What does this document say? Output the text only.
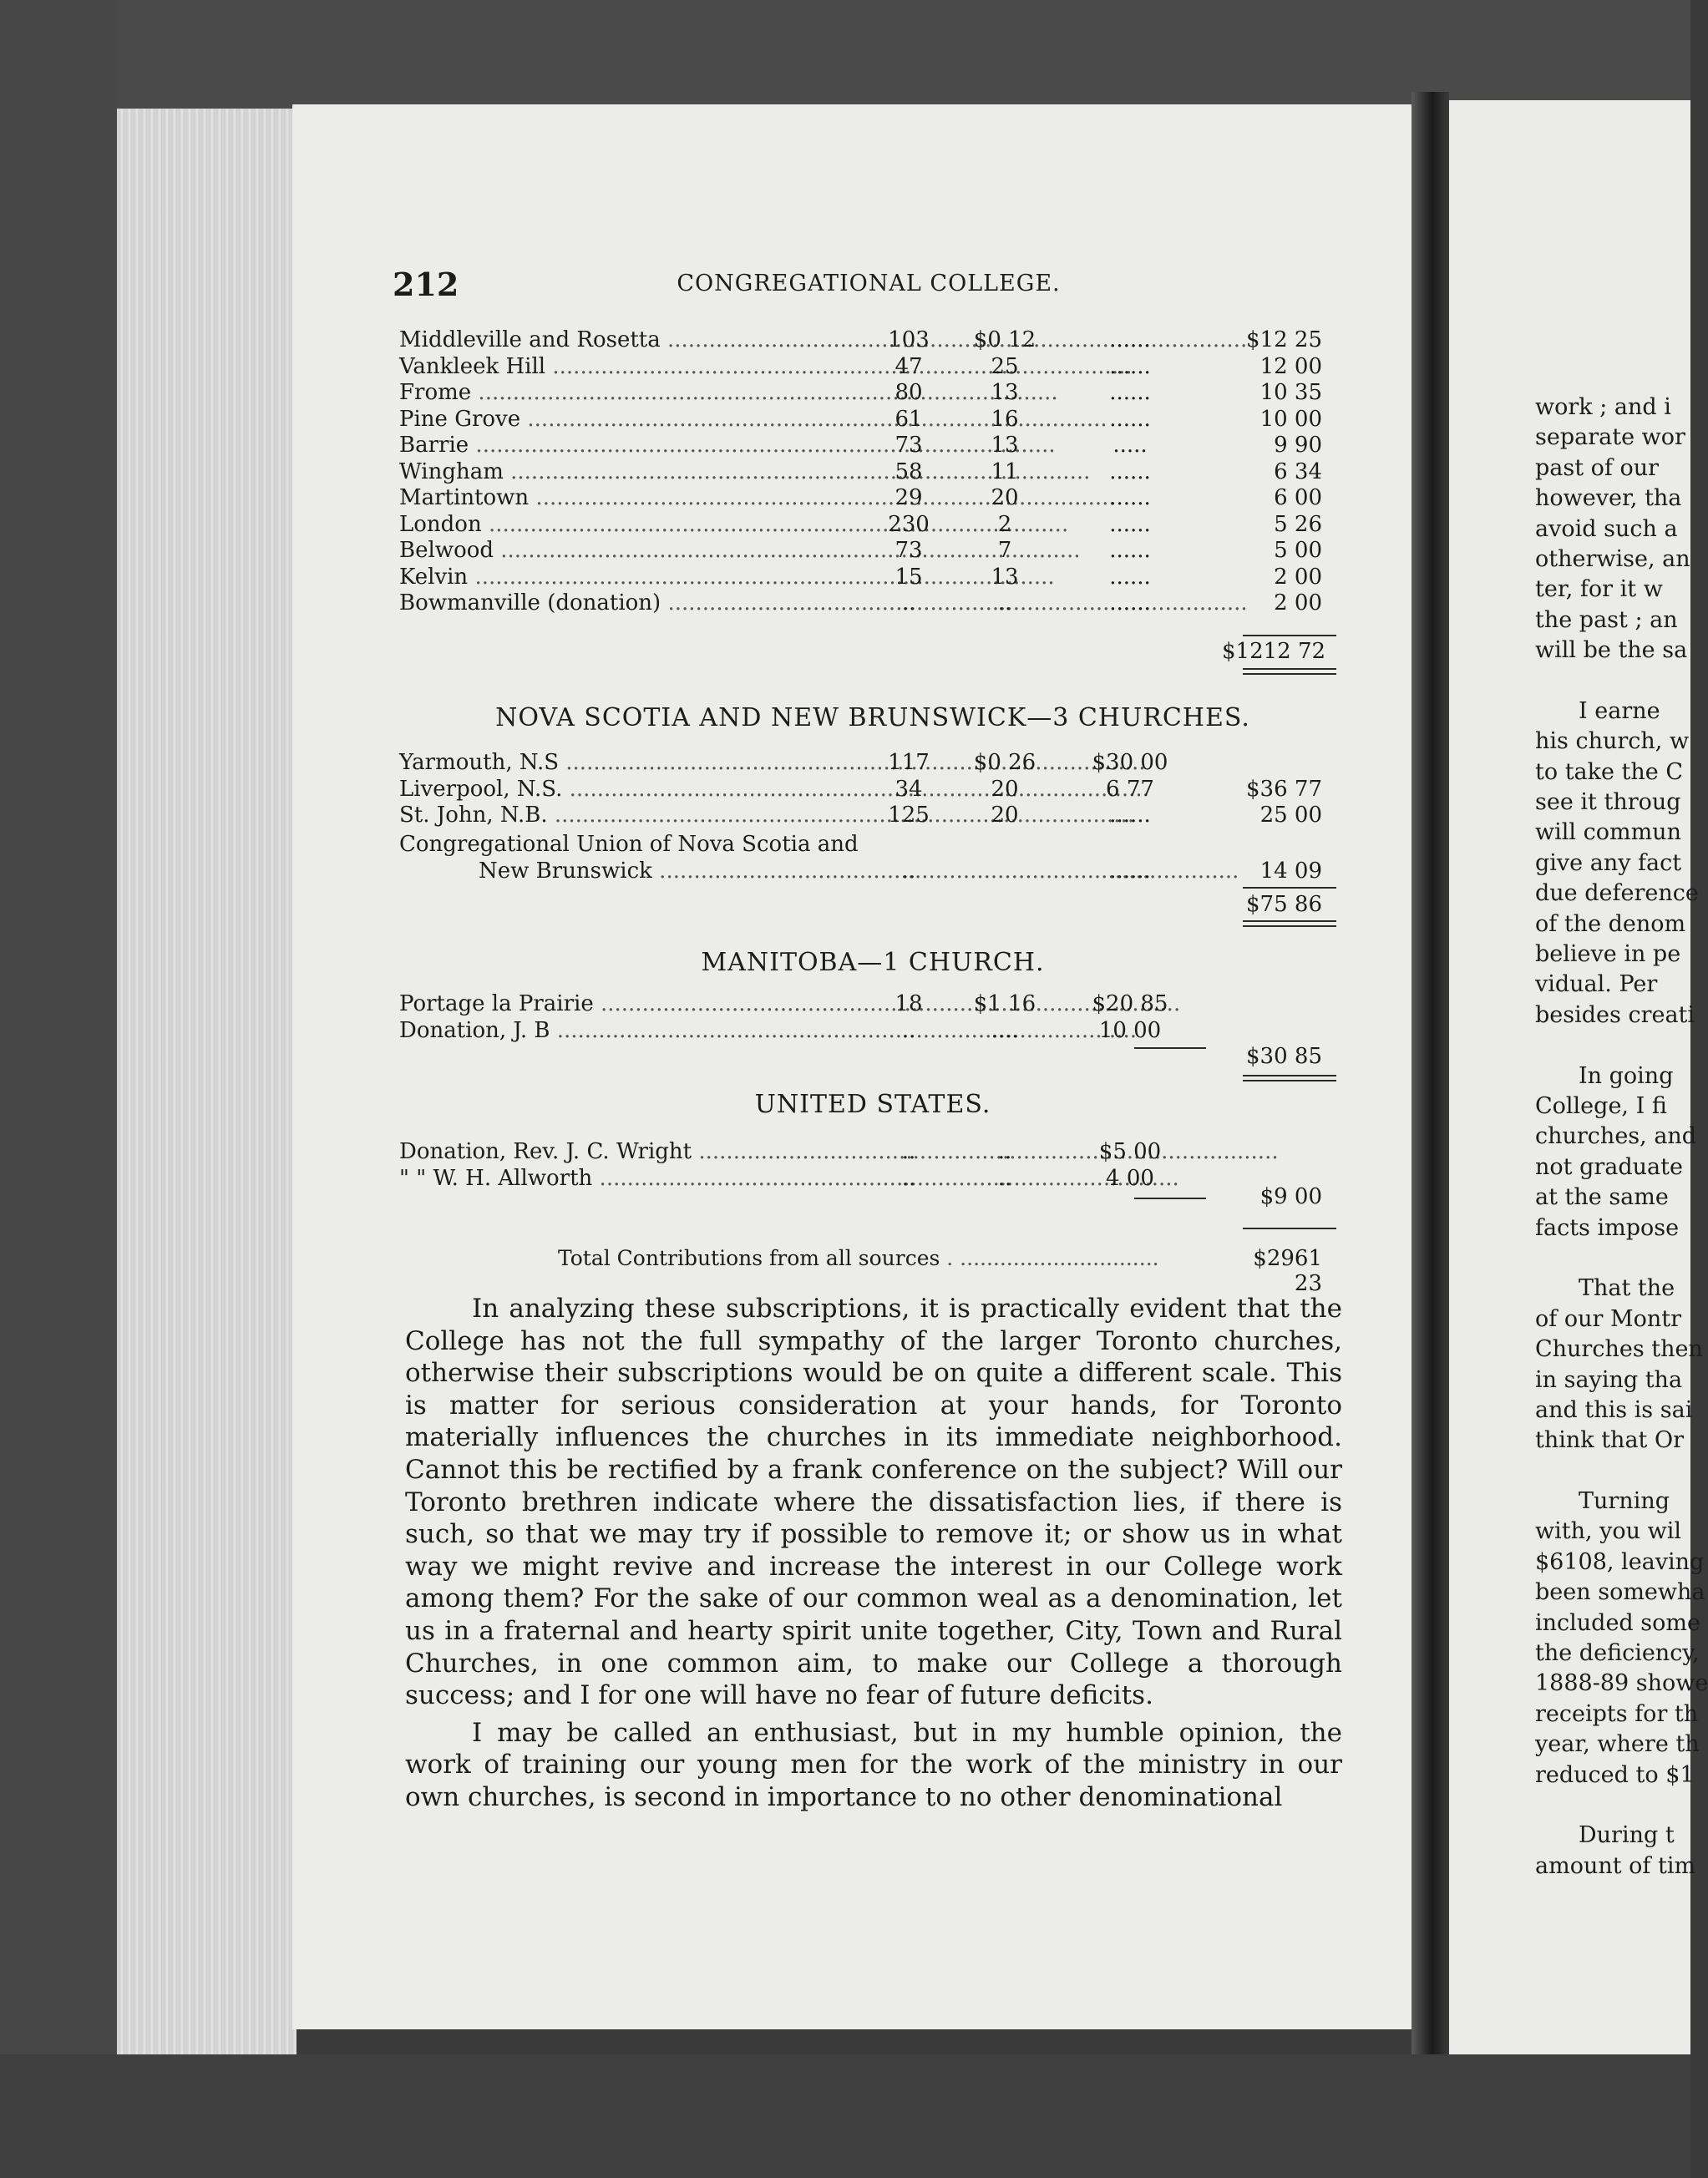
212	CONGREGATIONAL COLLEGE.
Middleville and Rosetta .....	103	$0 12	......	$12 25
Vankleek Hill .....	47	25	......	12 00
Frome .....	80	13	......	10 35
Pine Grove .....	61	16	......	10 00
Barrie .....	73	13	.....	9 90
Wingham .....	58	11	......	6 34
Martintown .....	29	20	......	6 00
London .....	230	2	......	5 26
Belwood .....	73	7	......	5 00
Kelvin .....	15	13	......	2 00
Bowmanville (donation) .....	..	..	......	2 00
$1212 72
NOVA SCOTIA AND NEW BRUNSWICK—3 CHURCHES.
Yarmouth, N.S .....	117	$0 26	$30 00
Liverpool, N.S. .....	34	20	6 77	$36 77
St. John, N.B. .....	125	20	......	25 00
Congregational Union of Nova Scotia and
New Brunswick .....	..	......	14 09
$75 86
MANITOBA—1 CHURCH.
Portage la Prairie .....	18	$1 16	$20 85
Donation, J. B .....	..	....	10 00
$30 85
UNITED STATES.
Donation, Rev. J. C. Wright .....	..	..	$5 00
" " W. H. Allworth .....	..	..	4 00
$9 00
Total Contributions from all sources . ...	$2961 23

In analyzing these subscriptions, it is practically evident that the College has not the full sympathy of the larger Toronto churches, otherwise their subscriptions would be on quite a different scale. This is matter for serious consideration at your hands, for Toronto materially influences the churches in its immediate neighborhood. Cannot this be rectified by a frank conference on the subject? Will our Toronto brethren indicate where the dissatisfaction lies, if there is such, so that we may try if possible to remove it; or show us in what way we might revive and increase the interest in our College work among them? For the sake of our common weal as a denomination, let us in a fraternal and hearty spirit unite together, City, Town and Rural Churches, in one common aim, to make our College a thorough success; and I for one will have no fear of future deficits.

I may be called an enthusiast, but in my humble opinion, the work of training our young men for the work of the ministry in our own churches, is second in importance to no other denominational

work ; and i
separate wor
past of our
however, tha
avoid such a
otherwise, an
ter, for it w
the past ; an
will be the sa
I earne
his church, w
to take the C
see it throug
will commun
give any fact
due deference
of the denom
believe in pe
vidual. Per
besides creati
In going
College, I fi
churches, and
not graduate
at the same
facts impose
That the
of our Montr
Churches then
in saying tha
and this is sai
think that Or
Turning
with, you wil
$6108, leaving
been somewha
included some
the deficiency,
1888-89 showe
receipts for th
year, where th
reduced to $1
During t
amount of tim
